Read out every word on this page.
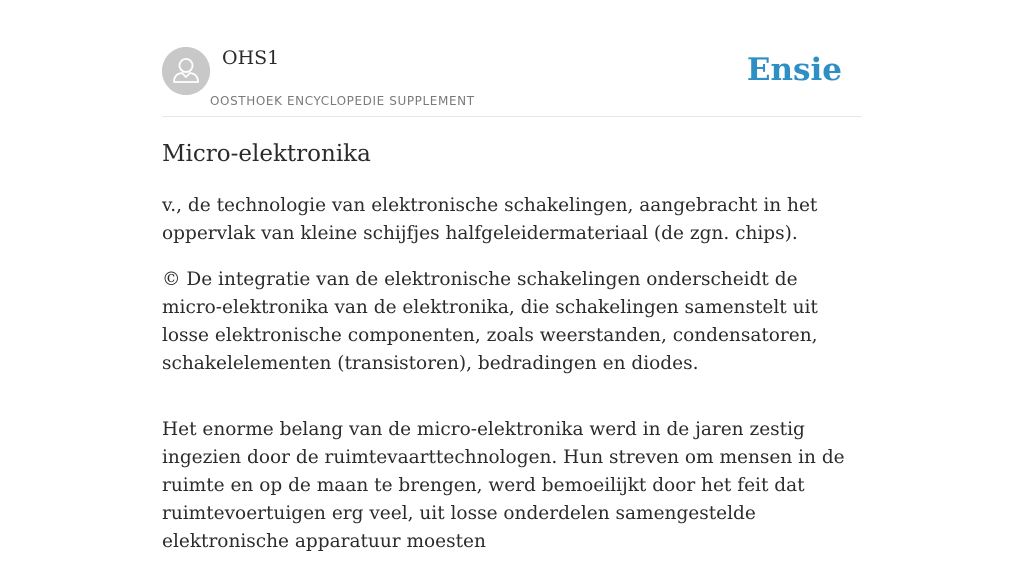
OHS1
OOSTHOEK ENCYCLOPEDIE SUPPLEMENT
Ensie
Micro-elektronika

v., de technologie van elektronische schakelingen, aangebracht in het oppervlak van kleine schijfjes halfgeleidermateriaal (de zgn. chips).

© De integratie van de elektronische schakelingen onderscheidt de micro-elektronika van de elektronika, die schakelingen samenstelt uit losse elektronische componenten, zoals weerstanden, condensatoren, schakelelementen (transistoren), bedradingen en diodes.

Het enorme belang van de micro-elektronika werd in de jaren zestig ingezien door de ruimtevaarttechnologen. Hun streven om mensen in de ruimte en op de maan te brengen, werd bemoeilijkt door het feit dat ruimtevoertuigen erg veel, uit losse onderdelen samengestelde elektronische apparatuur moesten
